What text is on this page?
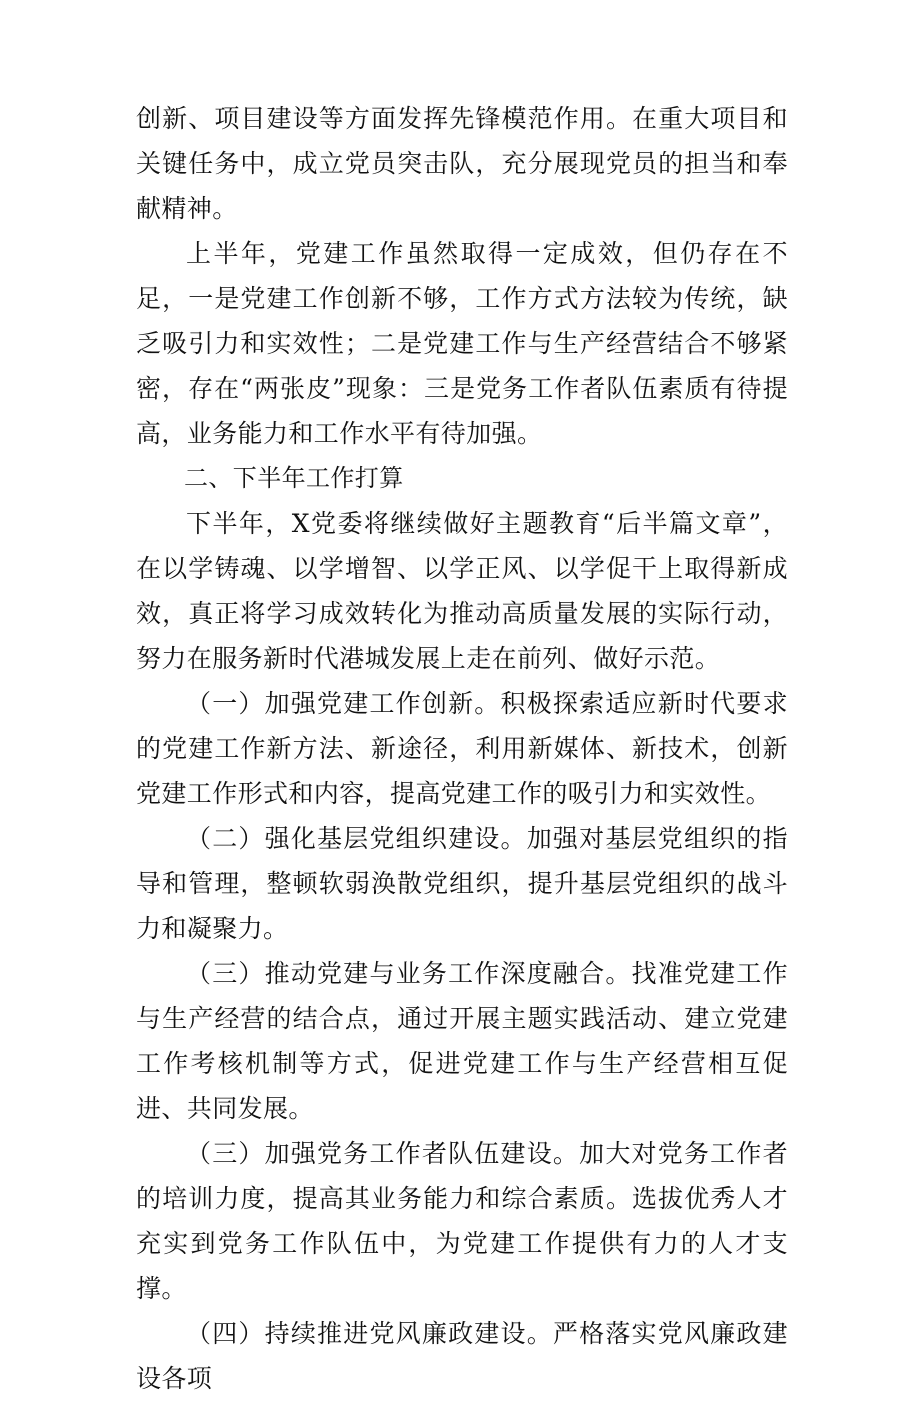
创新、项目建设等方面发挥先锋模范作用。在重大项目和关键任务中，成立党员突击队，充分展现党员的担当和奉献精神。

上半年，党建工作虽然取得一定成效，但仍存在不足，一是党建工作创新不够，工作方式方法较为传统，缺乏吸引力和实效性；二是党建工作与生产经营结合不够紧密，存在“两张皮”现象：三是党务工作者队伍素质有待提高，业务能力和工作水平有待加强。

二、下半年工作打算

下半年，X党委将继续做好主题教育“后半篇文章”，在以学铸魂、以学增智、以学正风、以学促干上取得新成效，真正将学习成效转化为推动高质量发展的实际行动，努力在服务新时代港城发展上走在前列、做好示范。

（一）加强党建工作创新。积极探索适应新时代要求的党建工作新方法、新途径，利用新媒体、新技术，创新党建工作形式和内容，提高党建工作的吸引力和实效性。

（二）强化基层党组织建设。加强对基层党组织的指导和管理，整顿软弱涣散党组织，提升基层党组织的战斗力和凝聚力。

（三）推动党建与业务工作深度融合。找准党建工作与生产经营的结合点，通过开展主题实践活动、建立党建工作考核机制等方式，促进党建工作与生产经营相互促进、共同发展。

（三）加强党务工作者队伍建设。加大对党务工作者的培训力度，提高其业务能力和综合素质。选拔优秀人才充实到党务工作队伍中，为党建工作提供有力的人才支撑。

（四）持续推进党风廉政建设。严格落实党风廉政建设各项
